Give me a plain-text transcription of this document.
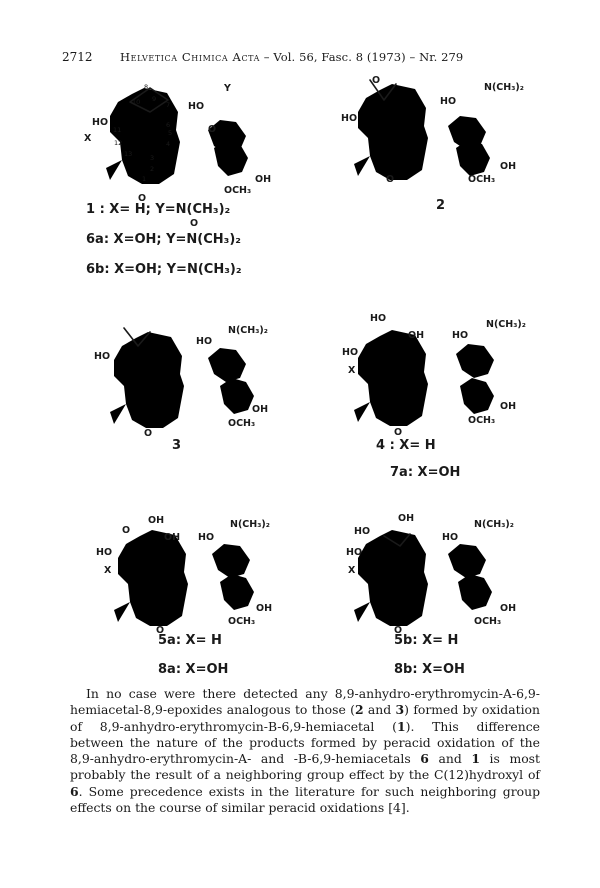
2712 Helvetica Chimica Acta – Vol. 56, Fasc. 8 (1973) – Nr. 279
Y
HO
HO
X
O
OH
OCH₃
O
8
9
10	7
11
6
5
12	4
13	3
2
1
1 : X= H; Y=N(CH₃)₂
O
6a: X=OH; Y=N(CH₃)₂
6b: X=OH; Y=N(CH₃)₂
O
N(CH₃)₂
HO
HO
O
OH
OCH₃
2
N(CH₃)₂
HO
HO
O
OH
OCH₃
3
HO
N(CH₃)₂
OH	HO
HO
X
O
OH
OCH₃
4 : X= H
7a: X=OH
OH	N(CH₃)₂
O
OH HO
HO
X
O
OH
OCH₃
5a: X= H
8a: X=OH
OH
N(CH₃)₂
HO
HO
HO
X
O
OH
OCH₃
5b: X= H
8b: X=OH

In no case were there detected any 8,9-anhydro-erythromycin-A-6,9-hemiacetal-8,9-epoxides analogous to those (2 and 3) formed by oxidation of 8,9-anhydro-erythromycin-B-6,9-hemiacetal (1). This difference between the nature of the products formed by peracid oxidation of the 8,9-anhydro-erythromycin-A- and -B-6,9-hemiacetals 6 and 1 is most probably the result of a neighboring group effect by the C(12)hydroxyl of 6. Some precedence exists in the literature for such neighboring group effects on the course of similar peracid oxidations [4].
